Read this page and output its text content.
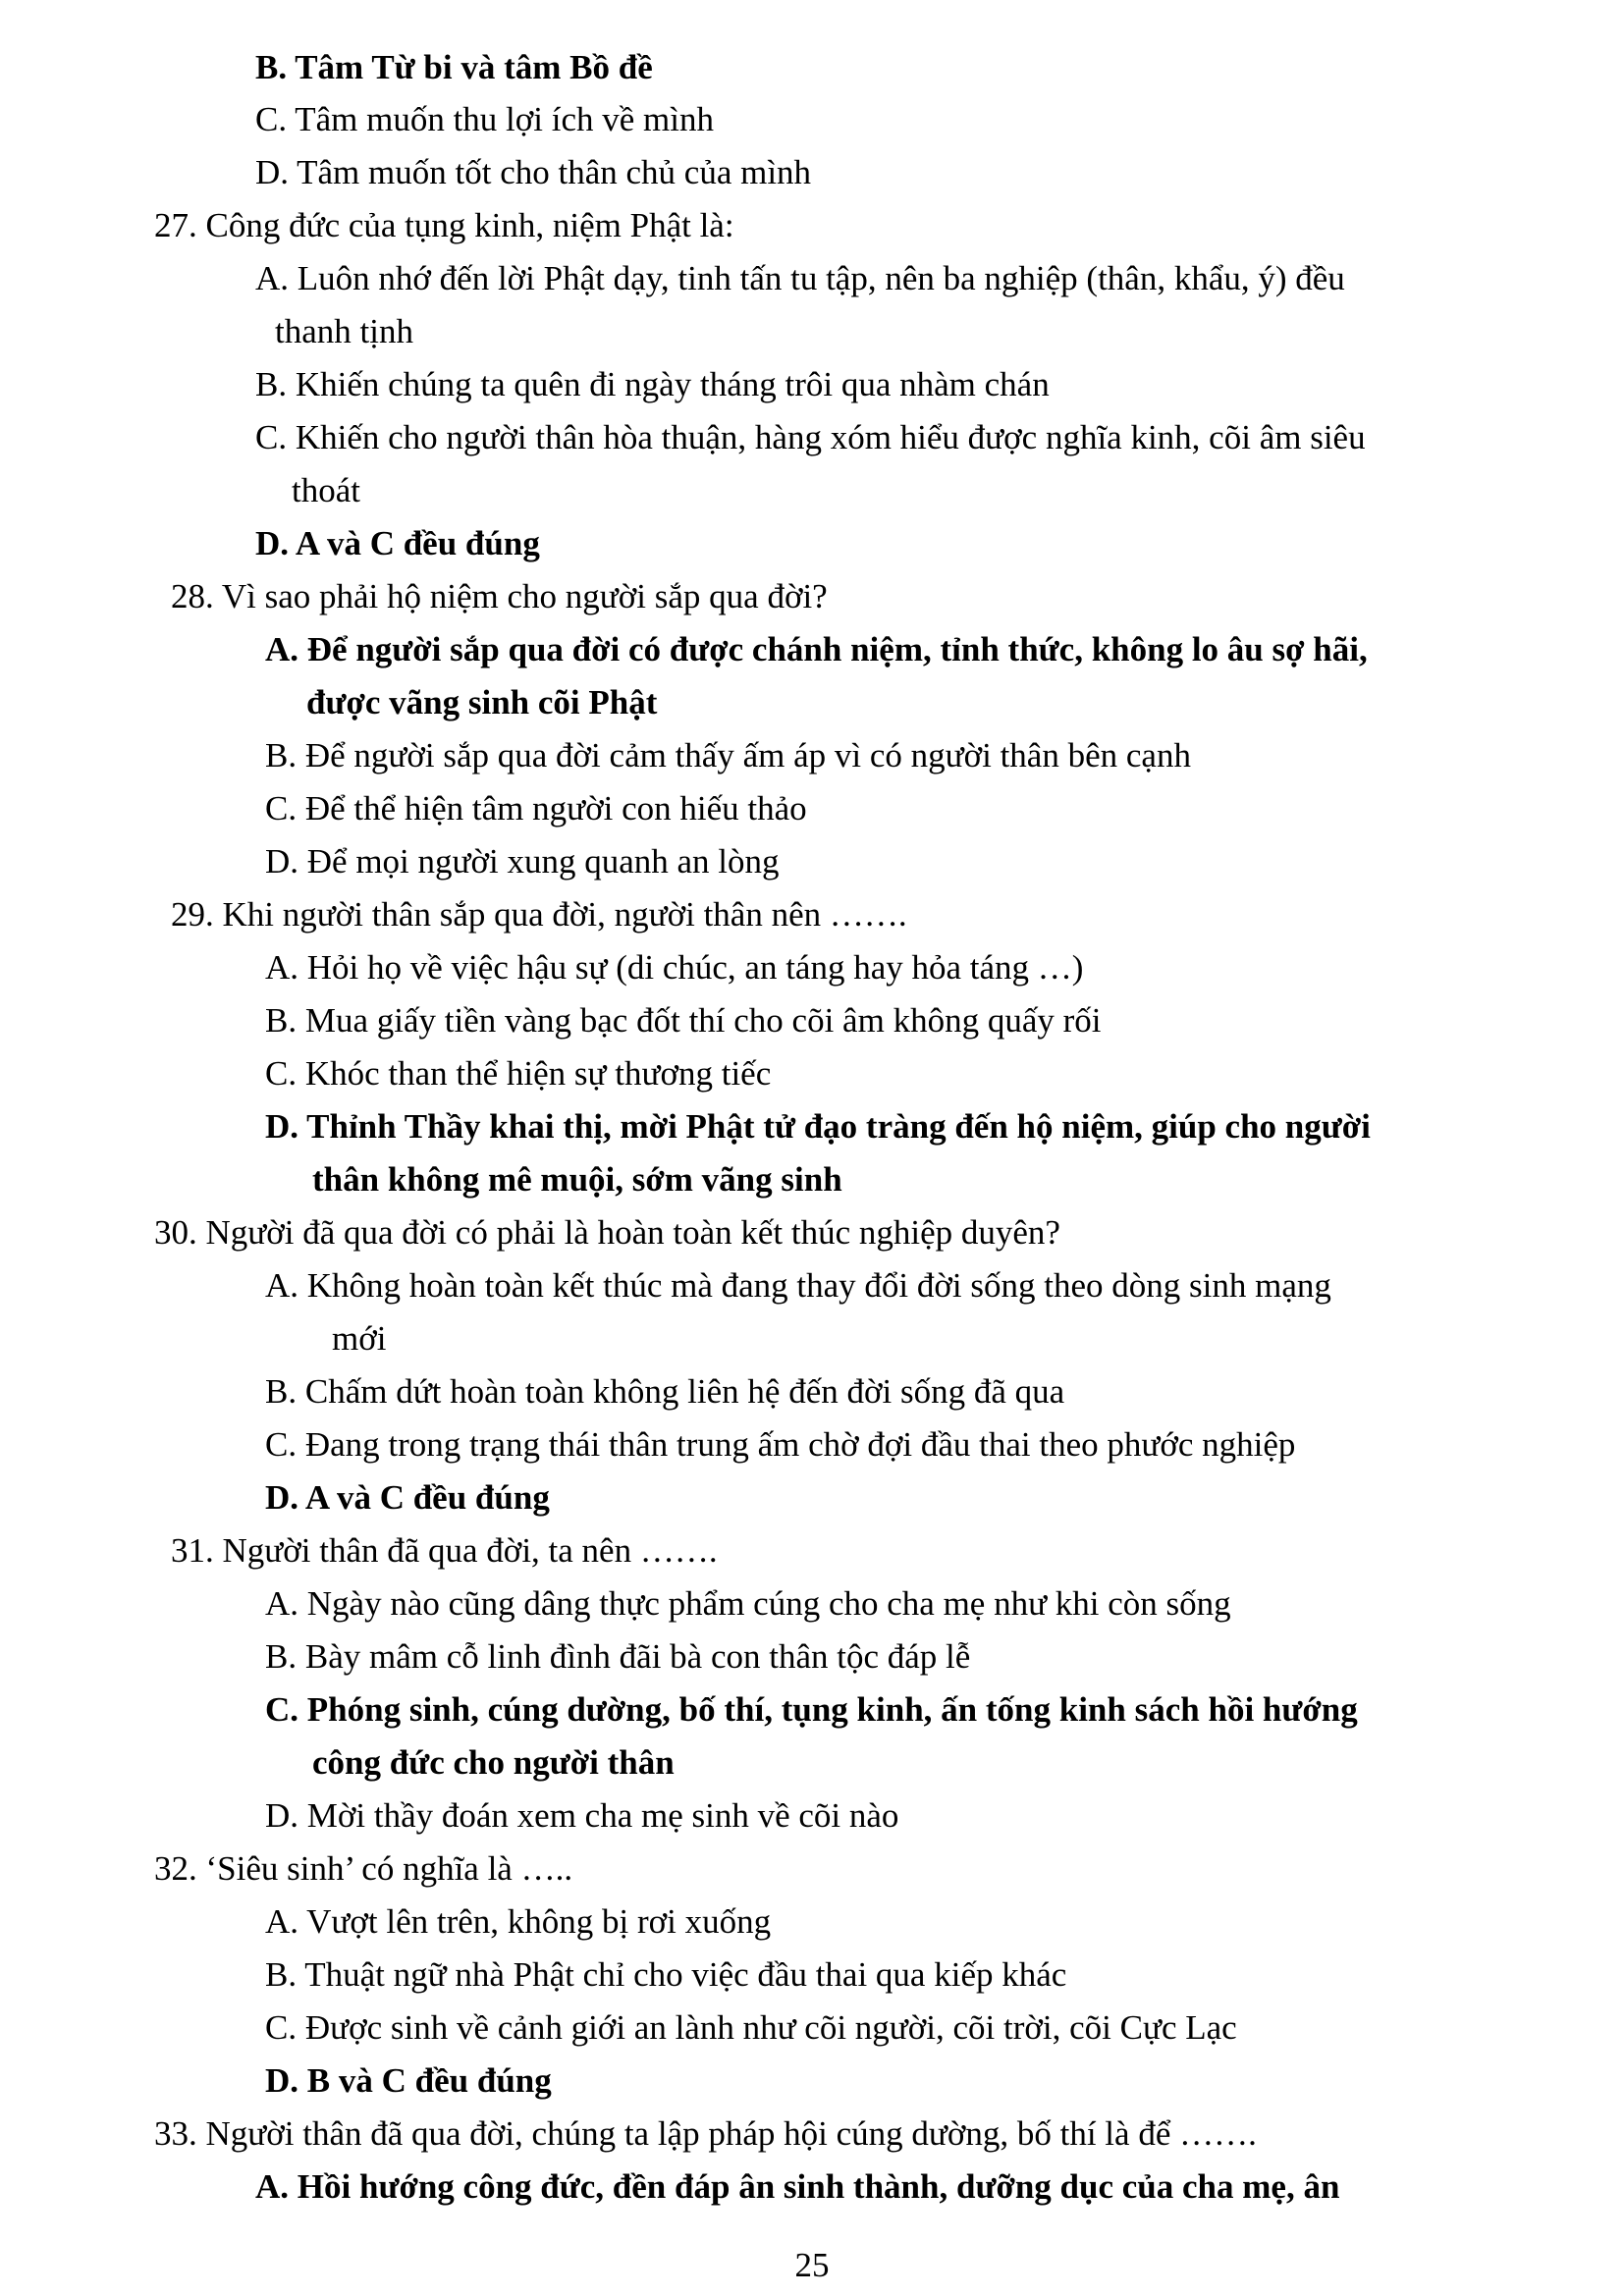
B. Tâm Từ bi và tâm Bồ đề
C. Tâm muốn thu lợi ích về mình
D. Tâm muốn tốt cho thân chủ của mình
27. Công đức của tụng kinh, niệm Phật là:
A. Luôn nhớ đến lời Phật dạy, tinh tấn tu tập, nên ba nghiệp (thân, khẩu, ý) đều
thanh tịnh
B. Khiến chúng ta quên đi ngày tháng trôi qua nhàm chán
C. Khiến cho người thân hòa thuận, hàng xóm hiểu được nghĩa kinh, cõi âm siêu
thoát
D. A và C đều đúng
28. Vì sao phải hộ niệm cho người sắp qua đời?
A. Để người sắp qua đời có được chánh niệm, tỉnh thức, không lo âu sợ hãi,
được vãng sinh cõi Phật
B. Để người sắp qua đời cảm thấy ấm áp vì có người thân bên cạnh
C. Để thể hiện tâm người con hiếu thảo
D. Để mọi người xung quanh an lòng
29. Khi người thân sắp qua đời, người thân nên …….
A. Hỏi họ về việc hậu sự (di chúc, an táng hay hỏa táng …)
B. Mua giấy tiền vàng bạc đốt thí cho cõi âm không quấy rối
C. Khóc than thể hiện sự thương tiếc
D. Thỉnh Thầy khai thị, mời Phật tử đạo tràng đến hộ niệm, giúp cho người
thân không mê muội, sớm vãng sinh
30. Người đã qua đời có phải là hoàn toàn kết thúc nghiệp duyên?
A. Không hoàn toàn kết thúc mà đang thay đổi đời sống theo dòng sinh mạng
mới
B. Chấm dứt hoàn toàn không liên hệ đến đời sống đã qua
C. Đang trong trạng thái thân trung ấm chờ đợi đầu thai theo phước nghiệp
D. A và C đều đúng
31. Người thân đã qua đời, ta nên …….
A. Ngày nào cũng dâng thực phẩm cúng cho cha mẹ như khi còn sống
B. Bày mâm cỗ linh đình đãi bà con thân tộc đáp lễ
C. Phóng sinh, cúng dường, bố thí, tụng kinh, ấn tống kinh sách hồi hướng
công đức cho người thân
D. Mời thầy đoán xem cha mẹ sinh về cõi nào
32. ‘Siêu sinh’ có nghĩa là …..
A. Vượt lên trên, không bị rơi xuống
B. Thuật ngữ nhà Phật chỉ cho việc đầu thai qua kiếp khác
C. Được sinh về cảnh giới an lành như cõi người, cõi trời, cõi Cực Lạc
D. B và C đều đúng
33. Người thân đã qua đời, chúng ta lập pháp hội cúng dường, bố thí là để …….
A. Hồi hướng công đức, đền đáp ân sinh thành, dưỡng dục của cha mẹ, ân
25
